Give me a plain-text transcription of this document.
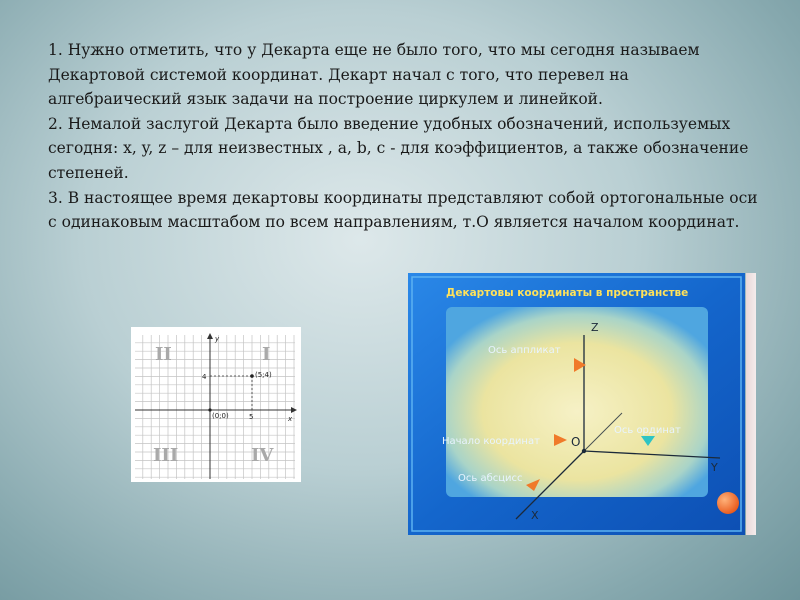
1. Нужно отметить, что у Декарта еще не было того, что мы сегодня называем Декартовой системой координат. Декарт начал с того, что перевел на алгебраический язык задачи на построение циркулем и линейкой.

2. Немалой заслугой Декарта было введение удобных обозначений, используемых сегодня: x, y, z – для неизвестных , a, b, c - для коэффициентов, а также обозначение степеней.

3. В настоящее время декартовы координаты представляют собой ортогональные оси с одинаковым масштабом по всем направлениям, т.О является началом координат.

y
x
4
5
(5;4)
(0;0)
II	I
III	IV
Декартовы координаты в пространстве
Z
Y
X
O
Ось аппликат
Ось ординат
Начало координат
Ось абсцисс
